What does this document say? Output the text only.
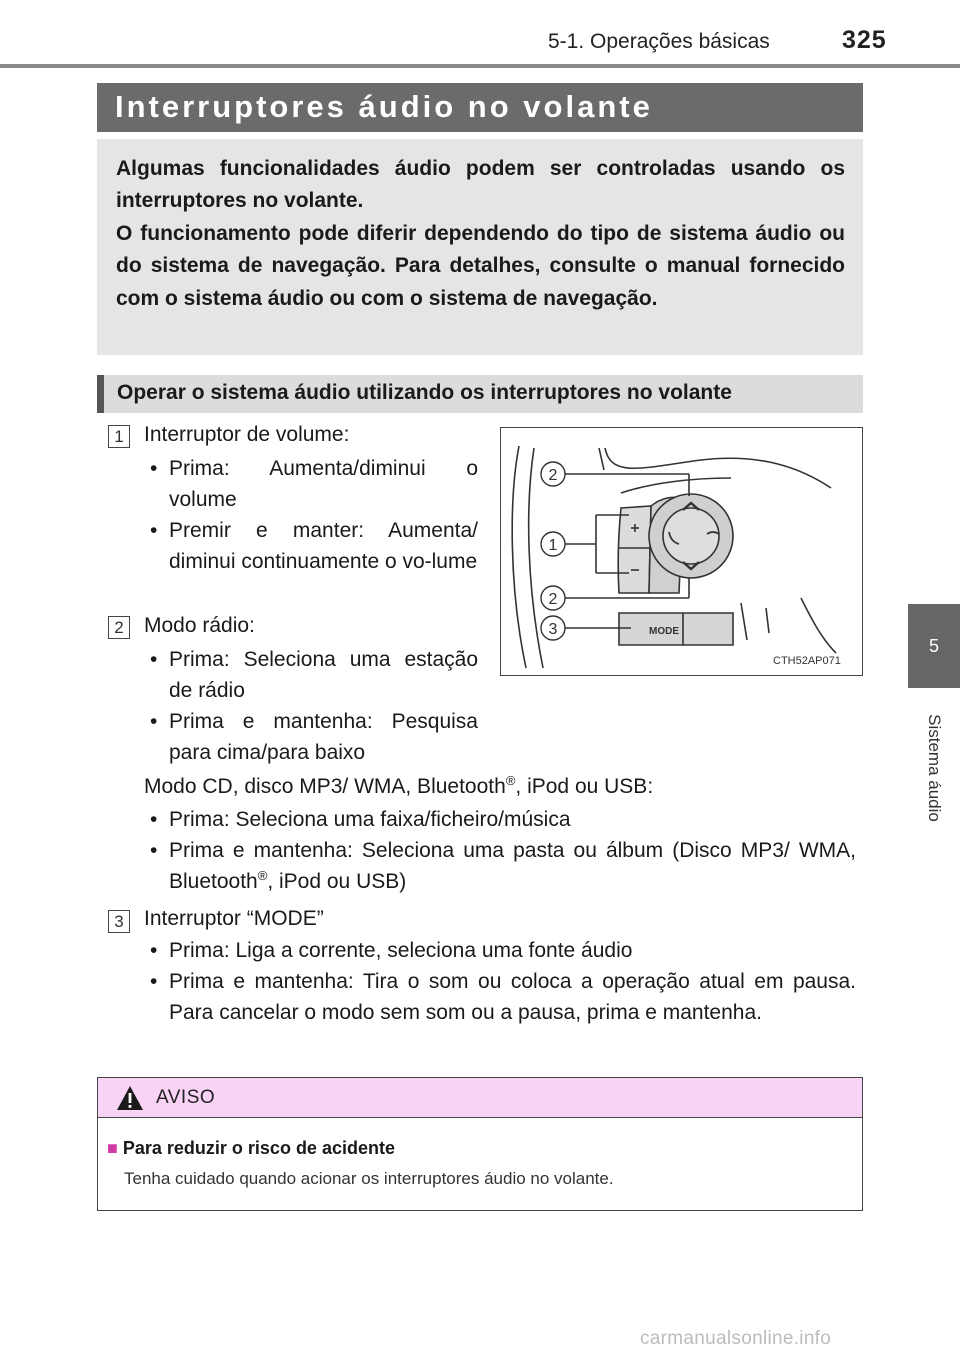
5-1. Operações básicas	325
5
Sistema áudio
Interruptores áudio no volante

Algumas funcionalidades áudio podem ser controladas usando os interruptores no volante.

O funcionamento pode diferir dependendo do tipo de sistema áudio ou do sistema de navegação. Para detalhes, consulte o manual fornecido com o sistema áudio ou com o sistema de navegação.

Operar o sistema áudio utilizando os interruptores no volante
1 Interruptor de volume:
• Prima: Aumenta/diminui o volume
• Premir e manter: Aumenta/ diminui continuamente o vo-lume
2 Modo rádio:
• Prima: Seleciona uma estação de rádio
• Prima e mantenha: Pesquisa para cima/para baixo
Modo CD, disco MP3/ WMA, Bluetooth®, iPod ou USB:
• Prima: Seleciona uma faixa/ficheiro/música
• Prima e mantenha: Seleciona uma pasta ou álbum (Disco MP3/ WMA, Bluetooth®, iPod ou USB)
3 Interruptor “MODE”
• Prima: Liga a corrente, seleciona uma fonte áudio
• Prima e mantenha: Tira o som ou coloca a operação atual em pausa. Para cancelar o modo sem som ou a pausa, prima e mantenha.
2
1
2
3	MODE
CTH52AP071
AVISO
■ Para reduzir o risco de acidente
Tenha cuidado quando acionar os interruptores áudio no volante.
carmanualsonline.info
